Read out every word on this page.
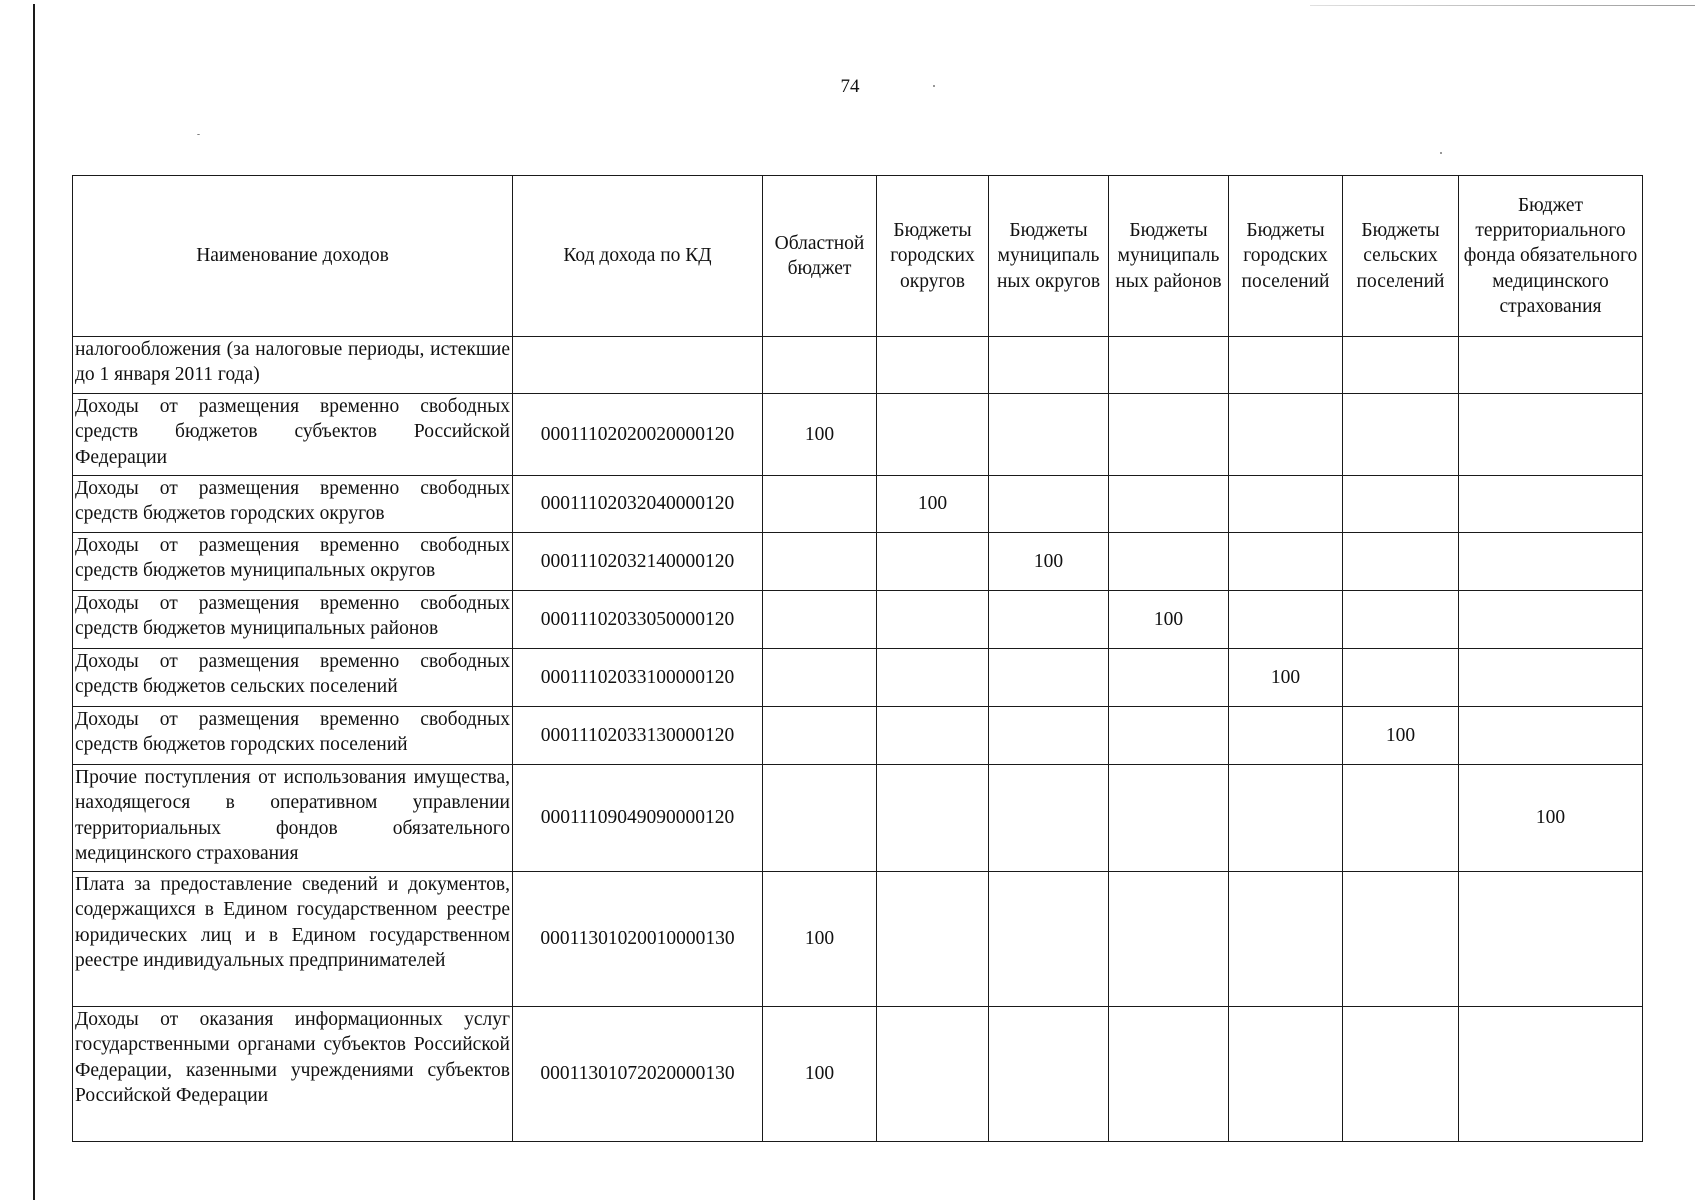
74
Наименование доходов	Код дохода по КД	Областной бюджет	Бюджеты городских округов	Бюджеты муниципаль ных округов	Бюджеты муниципаль ных районов	Бюджеты городских поселений	Бюджеты сельских поселений	Бюджет территориального фонда обязательного медицинского страхования
налогообложения (за налоговые периоды, истекшие до 1 января 2011 года)								
Доходы от размещения временно свободных средств бюджетов субъектов Российской Федерации	00011102020020000120	100						
Доходы от размещения временно свободных средств бюджетов городских округов	00011102032040000120		100					
Доходы от размещения временно свободных средств бюджетов муниципальных округов	00011102032140000120			100				
Доходы от размещения временно свободных средств бюджетов муниципальных районов	00011102033050000120				100			
Доходы от размещения временно свободных средств бюджетов сельских поселений	00011102033100000120					100		
Доходы от размещения временно свободных средств бюджетов городских поселений	00011102033130000120						100	
Прочие поступления от использования имущества, находящегося в оперативном управлении территориальных фондов обязательного медицинского страхования	00011109049090000120							100
Плата за предоставление сведений и документов, содержащихся в Едином государственном реестре юридических лиц и в Едином государственном реестре индивидуальных предпринимателей	00011301020010000130	100						
Доходы от оказания информационных услуг государственными органами субъектов Российской Федерации, казенными учреждениями субъектов Российской Федерации	00011301072020000130	100						
